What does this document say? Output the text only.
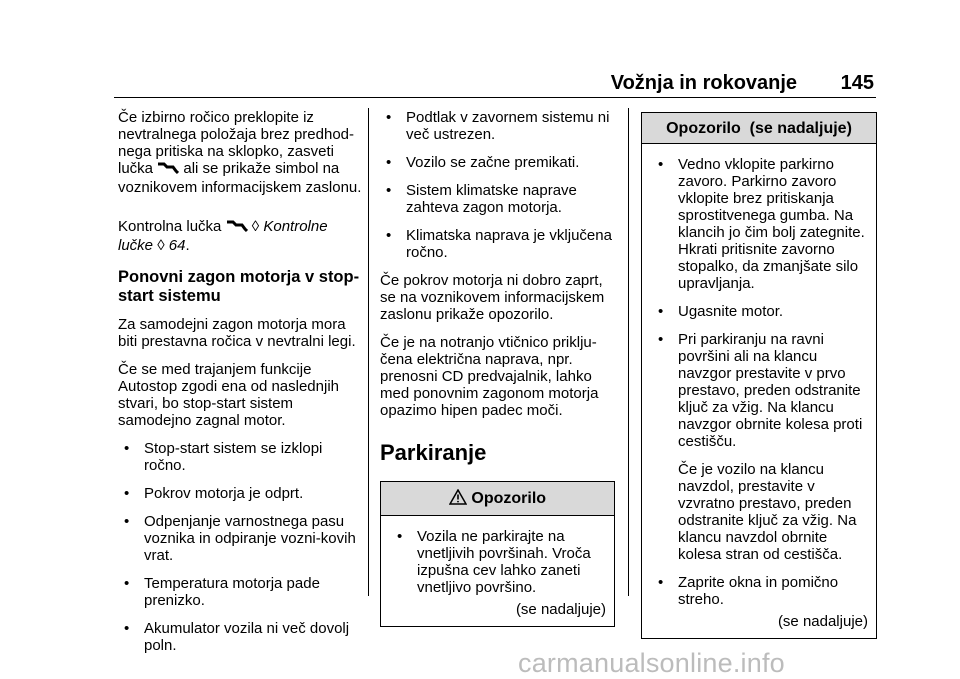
Vožnja in rokovanje 145

Če izbirno ročico preklopite iz nevtralnega položaja brez predhod-nega pritiska na sklopko, zasveti
lučka ali se prikaže simbol na voznikovem informacijskem zaslonu.

Kontrolna lučka ◊ Kontrolne
lučke ◊ 64.

Ponovni zagon motorja v stop-start sistemu

Za samodejni zagon motorja mora biti prestavna ročica v nevtralni legi.

Če se med trajanjem funkcije Autostop zgodi ena od naslednjih stvari, bo stop-start sistem samodejno zagnal motor.

• Stop-start sistem se izklopi ročno.
• Pokrov motorja je odprt.
• Odpenjanje varnostnega pasu voznika in odpiranje vozni-kovih vrat.
• Temperatura motorja pade prenizko.
• Akumulator vozila ni več dovolj poln.
• Podtlak v zavornem sistemu ni več ustrezen.
• Vozilo se začne premikati.
• Sistem klimatske naprave zahteva zagon motorja.
• Klimatska naprava je vključena ročno.

Če pokrov motorja ni dobro zaprt, se na voznikovem informacijskem zaslonu prikaže opozorilo.

Če je na notranjo vtičnico priklju-čena električna naprava, npr. prenosni CD predvajalnik, lahko med ponovnim zagonom motorja opazimo hipen padec moči.

Parkiranje
Opozorilo
• Vozila ne parkirajte na vnetljivih površinah. Vroča izpušna cev lahko zaneti vnetljivo površino.
(se nadaljuje)
Opozorilo  (se nadaljuje)
• Vedno vklopite parkirno zavoro. Parkirno zavoro vklopite brez pritiskanja sprostitvenega gumba. Na klancih jo čim bolj zategnite. Hkrati pritisnite zavorno stopalko, da zmanjšate silo upravljanja.
• Ugasnite motor.
• Pri parkiranju na ravni površini ali na klancu navzgor prestavite v prvo prestavo, preden odstranite ključ za vžig. Na klancu navzgor obrnite kolesa proti cestišču.
Če je vozilo na klancu navzdol, prestavite v vzvratno prestavo, preden odstranite ključ za vžig. Na klancu navzdol obrnite kolesa stran od cestišča.
• Zaprite okna in pomično streho.
(se nadaljuje)
carmanualsonline.info
